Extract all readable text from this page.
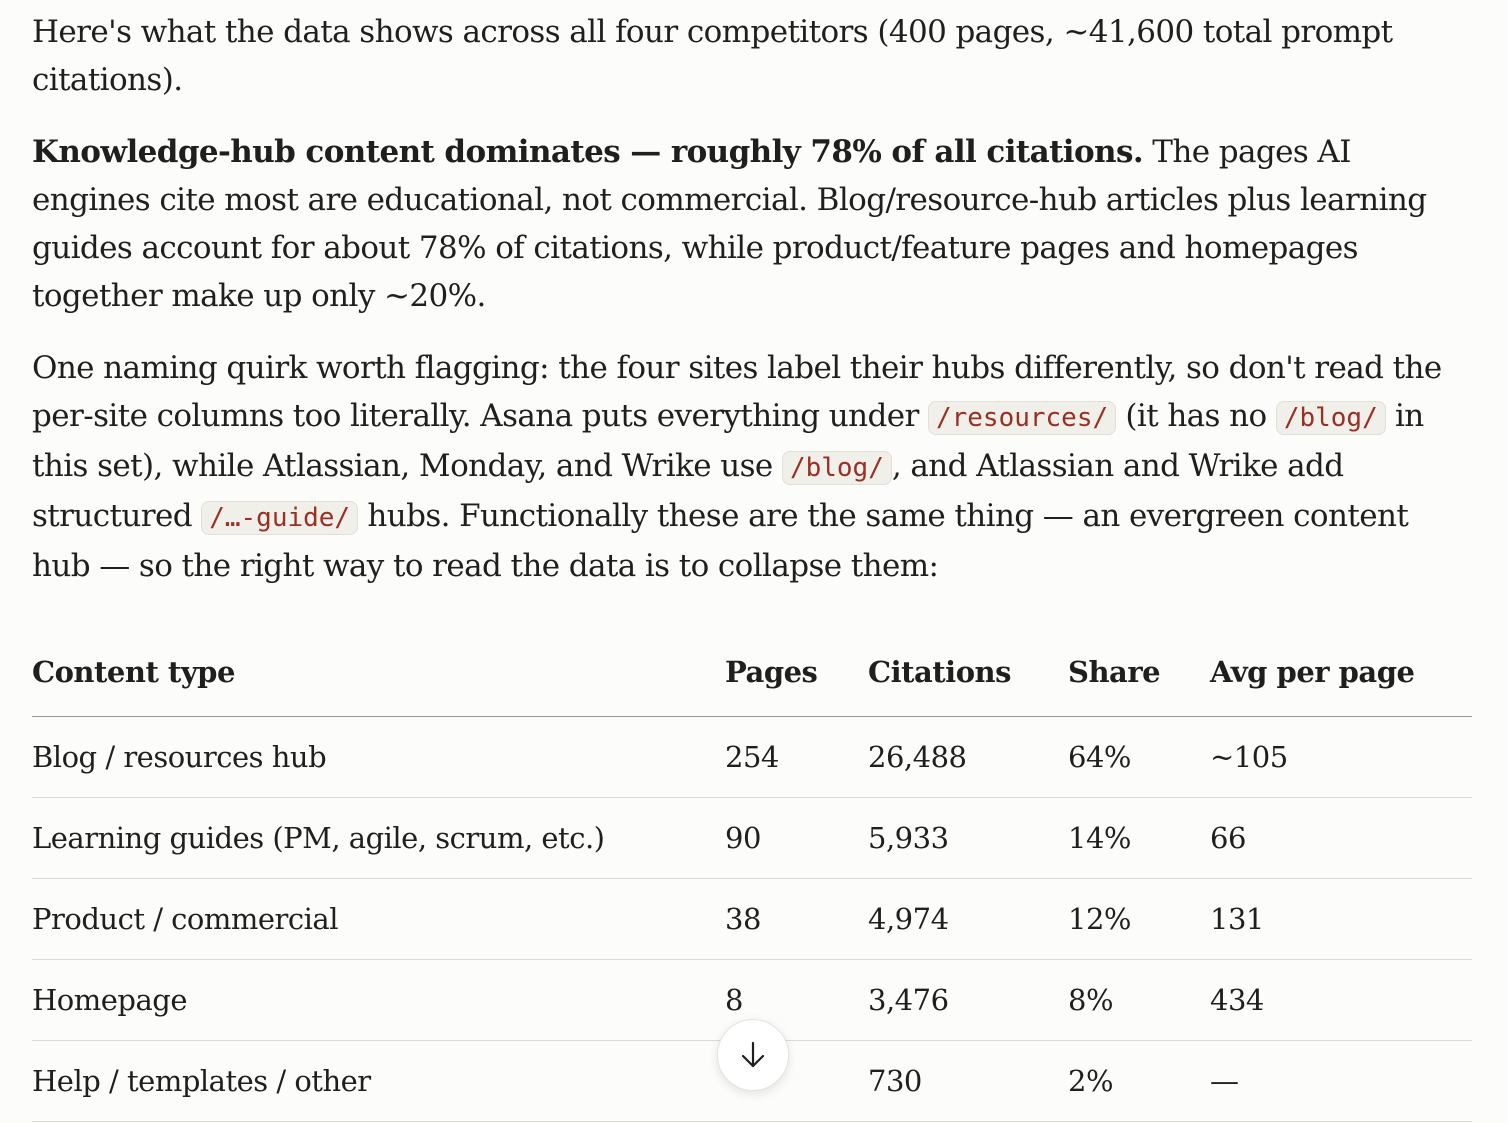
Here's what the data shows across all four competitors (400 pages, ~41,600 total prompt citations).

Knowledge-hub content dominates — roughly 78% of all citations. The pages AI engines cite most are educational, not commercial. Blog/resource-hub articles plus learning guides account for about 78% of citations, while product/feature pages and homepages together make up only ~20%.

One naming quirk worth flagging: the four sites label their hubs differently, so don't read the per-site columns too literally. Asana puts everything under /resources/ (it has no /blog/ in this set), while Atlassian, Monday, and Wrike use /blog/ , and Atlassian and Wrike add structured /…-guide/ hubs. Functionally these are the same thing — an evergreen content hub — so the right way to read the data is to collapse them:

Content type	Pages	Citations	Share	Avg per page
Blog / resources hub	254	26,488	64%	~105
Learning guides (PM, agile, scrum, etc.)	90	5,933	14%	66
Product / commercial	38	4,974	12%	131
Homepage	8	3,476	8%	434
Help / templates / other		730	2%	—
